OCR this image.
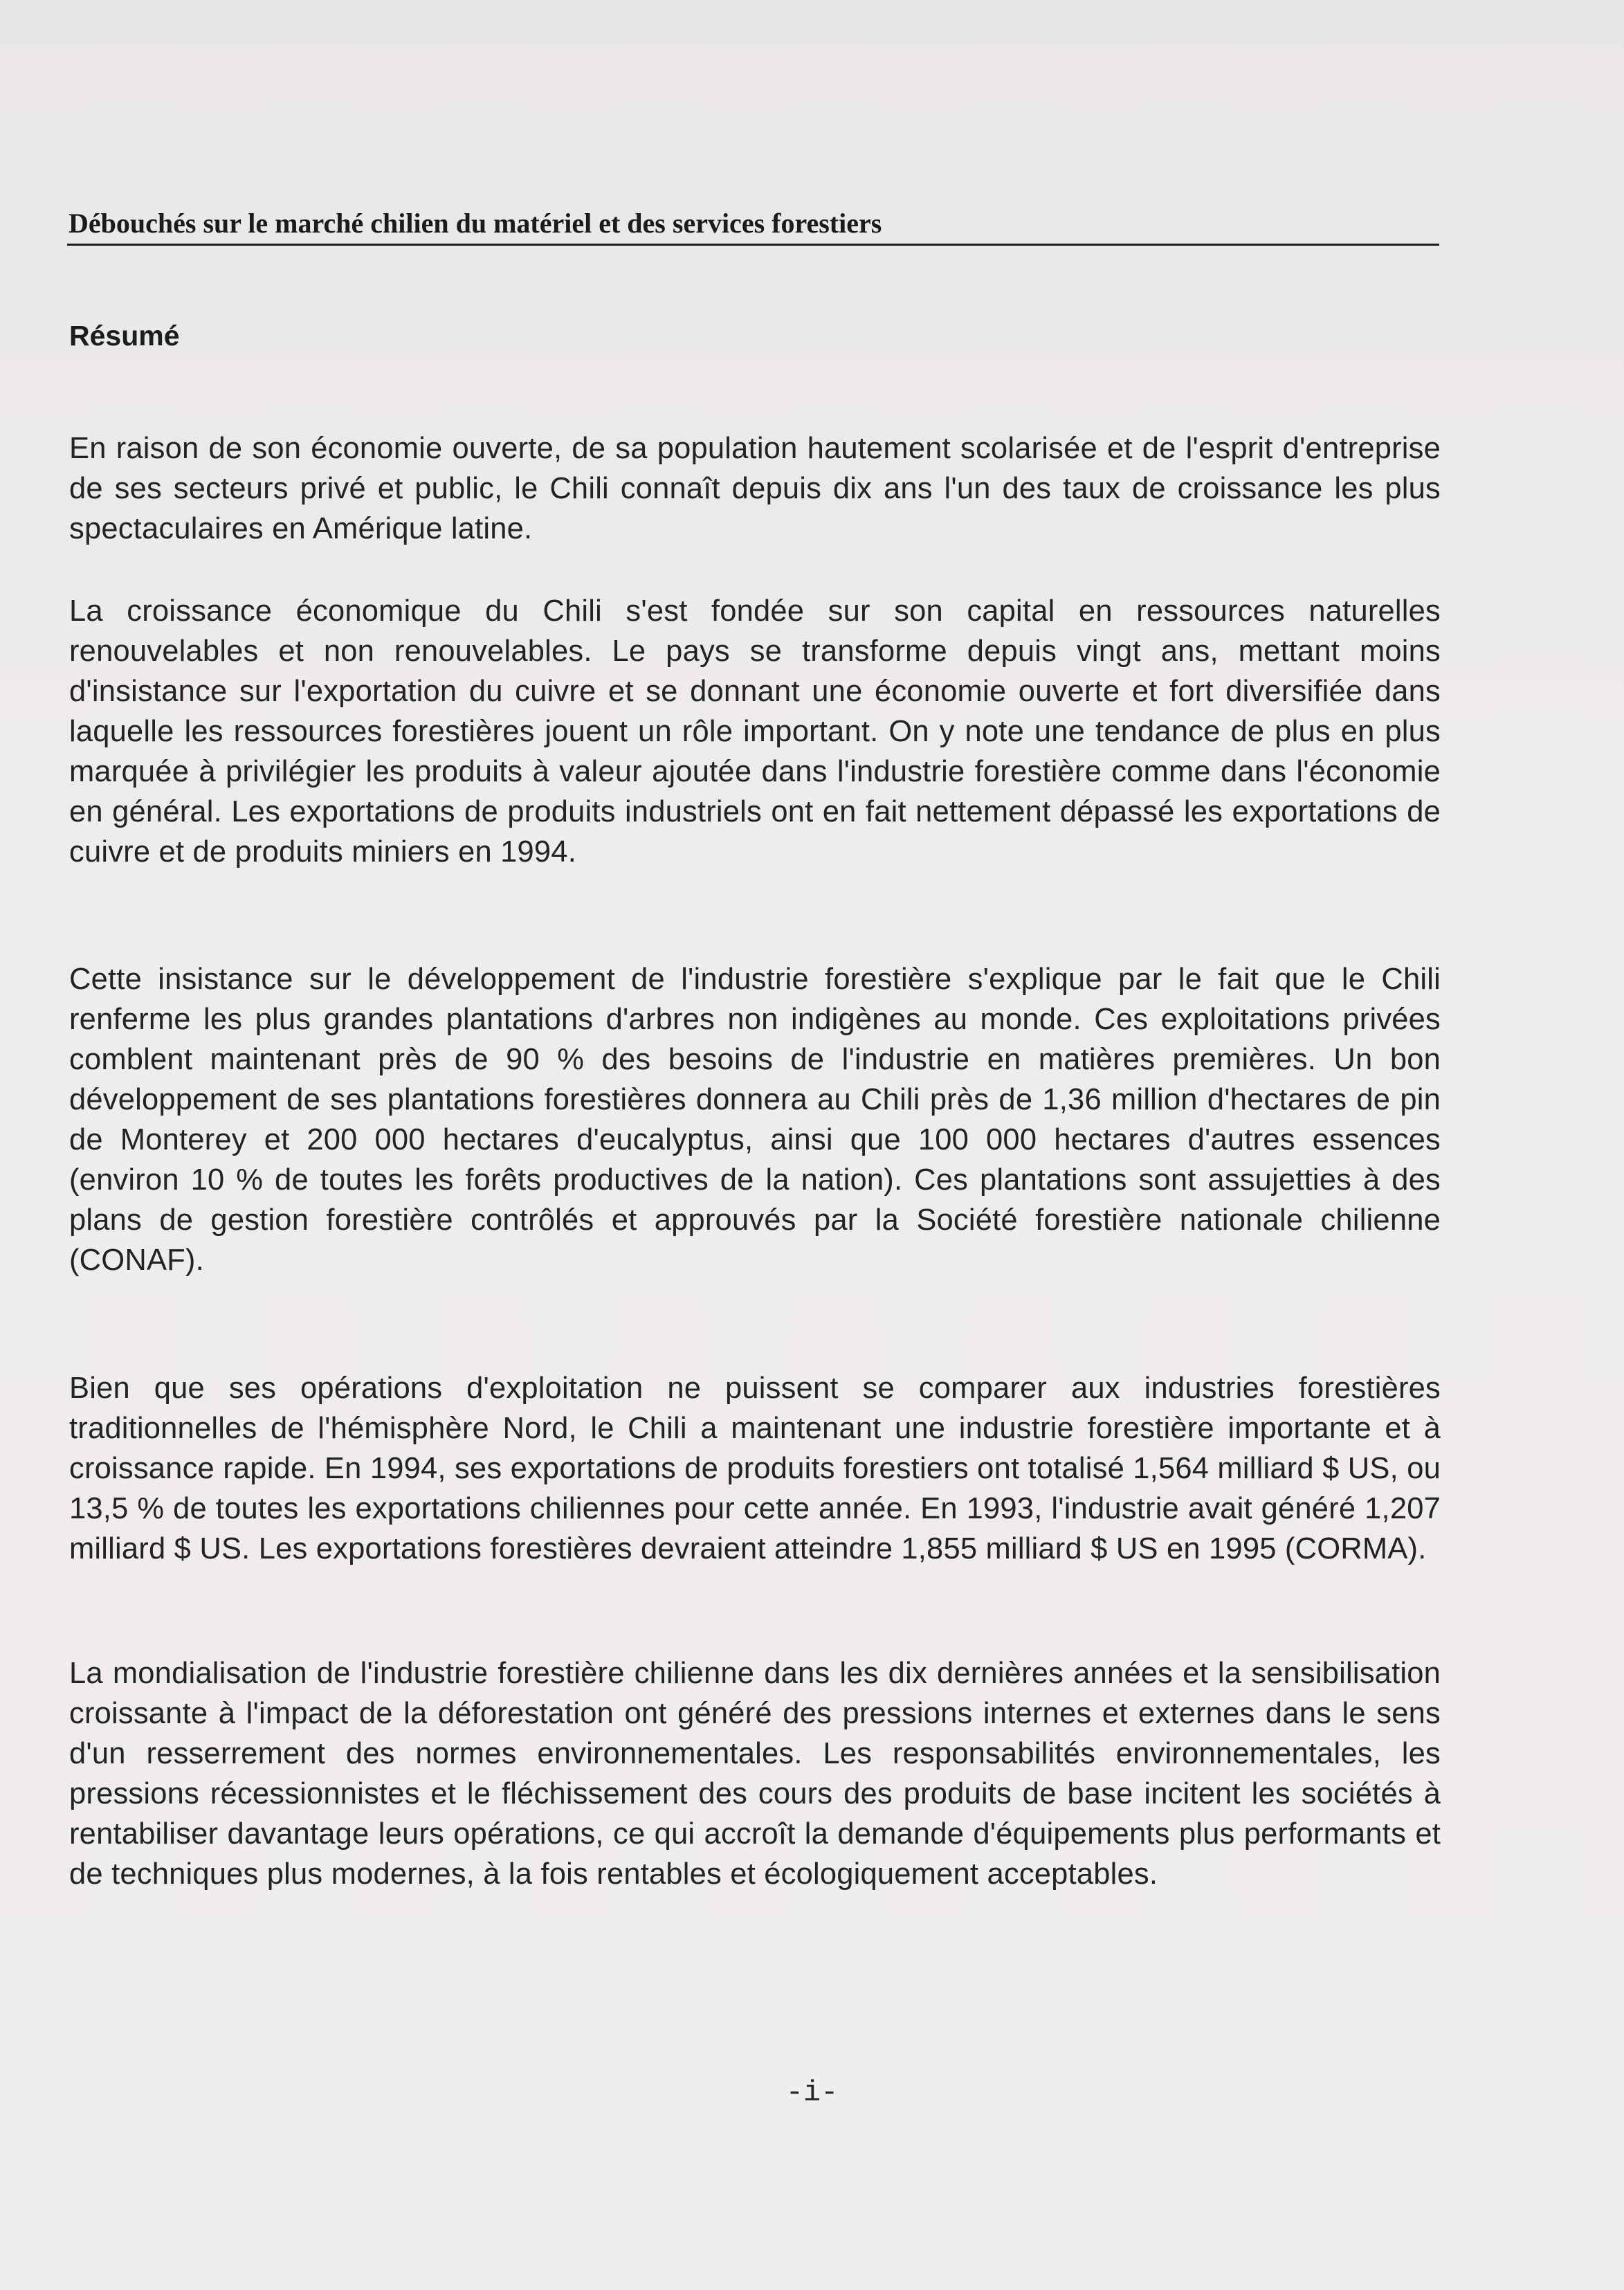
Débouchés sur le marché chilien du matériel et des services forestiers
Résumé

En raison de son économie ouverte, de sa population hautement scolarisée et de l'esprit d'entreprise de ses secteurs privé et public, le Chili connaît depuis dix ans l'un des taux de croissance les plus spectaculaires en Amérique latine.

La croissance économique du Chili s'est fondée sur son capital en ressources naturelles renouvelables et non renouvelables. Le pays se transforme depuis vingt ans, mettant moins d'insistance sur l'exportation du cuivre et se donnant une économie ouverte et fort diversifiée dans laquelle les ressources forestières jouent un rôle important. On y note une tendance de plus en plus marquée à privilégier les produits à valeur ajoutée dans l'industrie forestière comme dans l'économie en général. Les exportations de produits industriels ont en fait nettement dépassé les exportations de cuivre et de produits miniers en 1994.

Cette insistance sur le développement de l'industrie forestière s'explique par le fait que le Chili renferme les plus grandes plantations d'arbres non indigènes au monde. Ces exploitations privées comblent maintenant près de 90 % des besoins de l'industrie en matières premières. Un bon développement de ses plantations forestières donnera au Chili près de 1,36 million d'hectares de pin de Monterey et 200 000 hectares d'eucalyptus, ainsi que 100 000 hectares d'autres essences (environ 10 % de toutes les forêts productives de la nation). Ces plantations sont assujetties à des plans de gestion forestière contrôlés et approuvés par la Société forestière nationale chilienne (CONAF).

Bien que ses opérations d'exploitation ne puissent se comparer aux industries forestières traditionnelles de l'hémisphère Nord, le Chili a maintenant une industrie forestière importante et à croissance rapide. En 1994, ses exportations de produits forestiers ont totalisé 1,564 milliard $ US, ou 13,5 % de toutes les exportations chiliennes pour cette année. En 1993, l'industrie avait généré 1,207 milliard $ US. Les exportations forestières devraient atteindre 1,855 milliard $ US en 1995 (CORMA).

La mondialisation de l'industrie forestière chilienne dans les dix dernières années et la sensibilisation croissante à l'impact de la déforestation ont généré des pressions internes et externes dans le sens d'un resserrement des normes environnementales. Les responsabilités environnementales, les pressions récessionnistes et le fléchissement des cours des produits de base incitent les sociétés à rentabiliser davantage leurs opérations, ce qui accroît la demande d'équipements plus performants et de techniques plus modernes, à la fois rentables et écologiquement acceptables.

-i-
